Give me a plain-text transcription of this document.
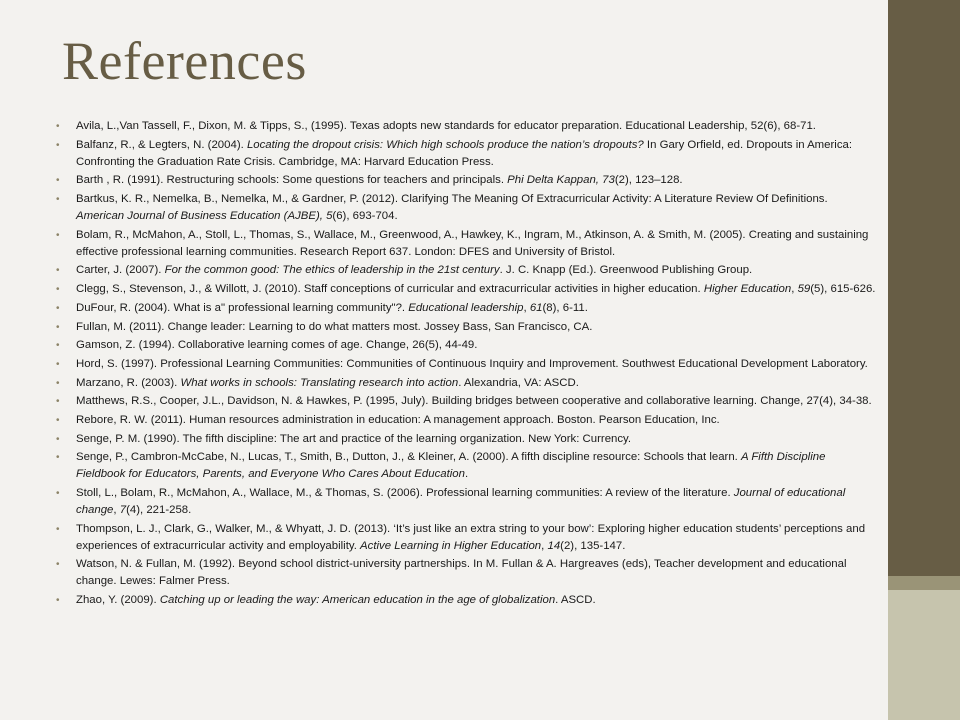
References
• Avila, L.,Van Tassell, F., Dixon, M. & Tipps, S., (1995). Texas adopts new standards for educator preparation. Educational Leadership, 52(6), 68-71.
• Balfanz, R., & Legters, N. (2004). Locating the dropout crisis: Which high schools produce the nation’s dropouts? In Gary Orfield, ed. Dropouts in America: Confronting the Graduation Rate Crisis. Cambridge, MA: Harvard Education Press.
• Barth , R. (1991). Restructuring schools: Some questions for teachers and principals. Phi Delta Kappan, 73(2), 123–128.
• Bartkus, K. R., Nemelka, B., Nemelka, M., & Gardner, P. (2012). Clarifying The Meaning Of Extracurricular Activity: A Literature Review Of Definitions. American Journal of Business Education (AJBE), 5(6), 693-704.
• Bolam, R., McMahon, A., Stoll, L., Thomas, S., Wallace, M., Greenwood, A., Hawkey, K., Ingram, M., Atkinson, A. & Smith, M. (2005). Creating and sustaining effective professional learning communities. Research Report 637. London: DFES and University of Bristol.
• Carter, J. (2007). For the common good: The ethics of leadership in the 21st century. J. C. Knapp (Ed.). Greenwood Publishing Group.
• Clegg, S., Stevenson, J., & Willott, J. (2010). Staff conceptions of curricular and extracurricular activities in higher education. Higher Education, 59(5), 615-626.
• DuFour, R. (2004). What is a" professional learning community"?. Educational leadership, 61(8), 6-11.
• Fullan, M. (2011). Change leader: Learning to do what matters most. Jossey Bass, San Francisco, CA.
• Gamson, Z. (1994). Collaborative learning comes of age. Change, 26(5), 44-49.
• Hord, S. (1997). Professional Learning Communities: Communities of Continuous Inquiry and Improvement. Southwest Educational Development Laboratory.
• Marzano, R. (2003). What works in schools: Translating research into action. Alexandria, VA: ASCD.
• Matthews, R.S., Cooper, J.L., Davidson, N. & Hawkes, P. (1995, July). Building bridges between cooperative and collaborative learning. Change, 27(4), 34-38.
• Rebore, R. W. (2011). Human resources administration in education: A management approach. Boston. Pearson Education, Inc.
• Senge, P. M. (1990). The fifth discipline: The art and practice of the learning organization. New York: Currency.
• Senge, P., Cambron-McCabe, N., Lucas, T., Smith, B., Dutton, J., & Kleiner, A. (2000). A fifth discipline resource: Schools that learn. A Fifth Discipline Fieldbook for Educators, Parents, and Everyone Who Cares About Education.
• Stoll, L., Bolam, R., McMahon, A., Wallace, M., & Thomas, S. (2006). Professional learning communities: A review of the literature. Journal of educational change, 7(4), 221-258.
• Thompson, L. J., Clark, G., Walker, M., & Whyatt, J. D. (2013). ‘It’s just like an extra string to your bow’: Exploring higher education students’ perceptions and experiences of extracurricular activity and employability. Active Learning in Higher Education, 14(2), 135-147.
• Watson, N. & Fullan, M. (1992). Beyond school district-university partnerships. In M. Fullan & A. Hargreaves (eds), Teacher development and educational change. Lewes: Falmer Press.
• Zhao, Y. (2009). Catching up or leading the way: American education in the age of globalization. ASCD.
